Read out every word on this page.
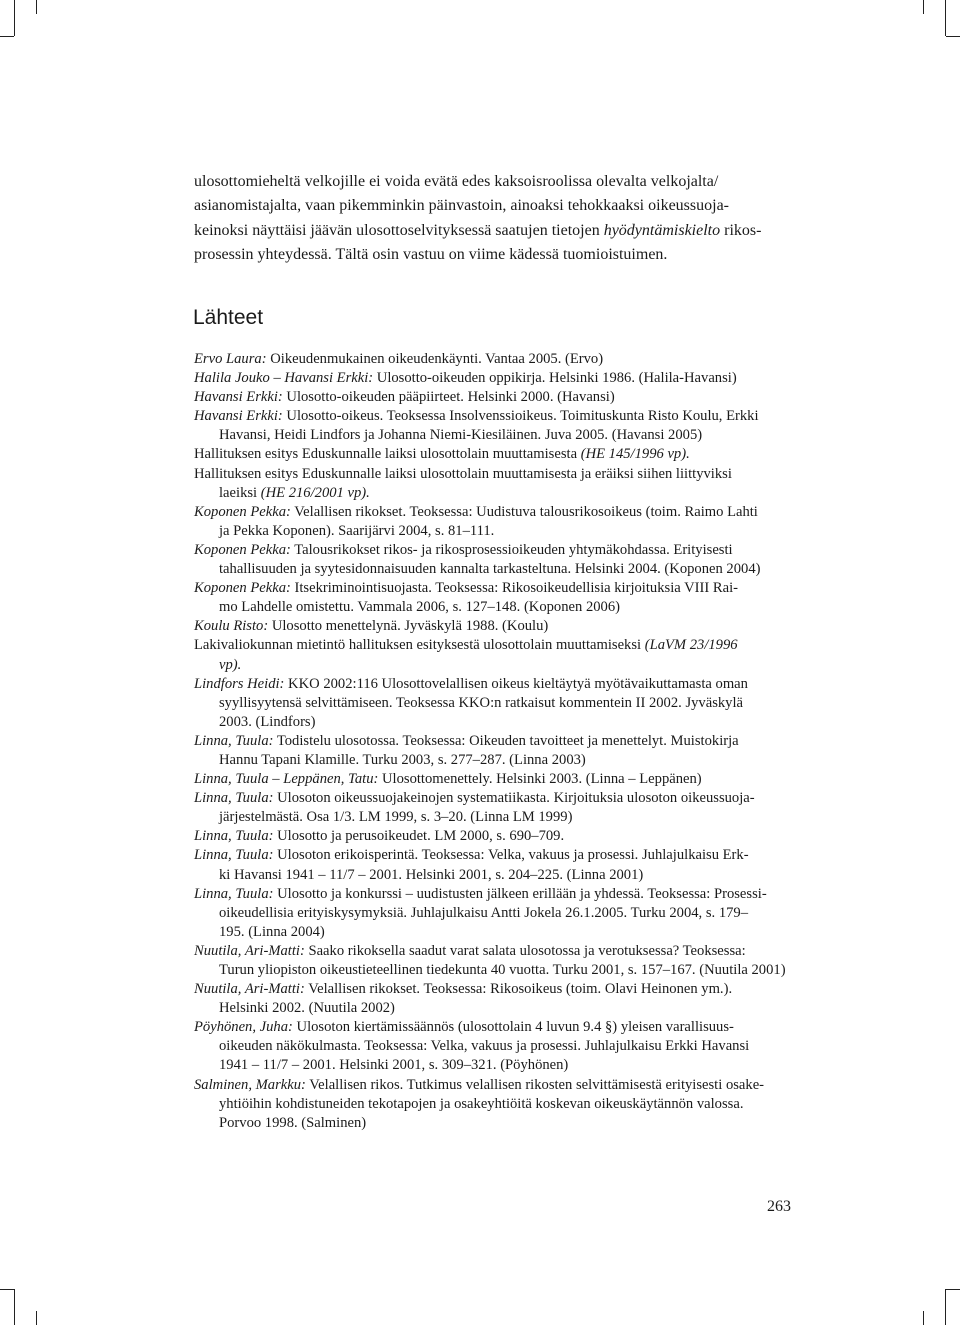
ulosottomieheltä velkojille ei voida evätä edes kaksoisroolissa olevalta velkojalta/
asianomistajalta, vaan pikemminkin päinvastoin, ainoaksi tehokkaaksi oikeussuoja-
keinoksi näyttäisi jäävän ulosottoselvityksessä saatujen tietojen hyödyntämiskielto rikos-
prosessin yhteydessä. Tältä osin vastuu on viime kädessä tuomioistuimen.

Lähteet
Ervo Laura: Oikeudenmukainen oikeudenkäynti. Vantaa 2005. (Ervo)
Halila Jouko – Havansi Erkki: Ulosotto-oikeuden oppikirja. Helsinki 1986. (Halila-Havansi)
Havansi Erkki: Ulosotto-oikeuden pääpiirteet. Helsinki 2000. (Havansi)
Havansi Erkki: Ulosotto-oikeus. Teoksessa Insolvenssioikeus. Toimituskunta Risto Koulu, Erkki
Havansi, Heidi Lindfors ja Johanna Niemi-Kiesiläinen. Juva 2005. (Havansi 2005)
Hallituksen esitys Eduskunnalle laiksi ulosottolain muuttamisesta (HE 145/1996 vp).
Hallituksen esitys Eduskunnalle laiksi ulosottolain muuttamisesta ja eräiksi siihen liittyviksi
laeiksi (HE 216/2001 vp).
Koponen Pekka: Velallisen rikokset. Teoksessa: Uudistuva talousrikosoikeus (toim. Raimo Lahti
ja Pekka Koponen). Saarijärvi 2004, s. 81–111.
Koponen Pekka: Talousrikokset rikos- ja rikosprosessioikeuden yhtymäkohdassa. Erityisesti
tahallisuuden ja syytesidonnaisuuden kannalta tarkasteltuna. Helsinki 2004. (Koponen 2004)
Koponen Pekka: Itsekriminointisuojasta. Teoksessa: Rikosoikeudellisia kirjoituksia VIII Rai-
mo Lahdelle omistettu. Vammala 2006, s. 127–148. (Koponen 2006)
Koulu Risto: Ulosotto menettelynä. Jyväskylä 1988. (Koulu)
Lakivaliokunnan mietintö hallituksen esityksestä ulosottolain muuttamiseksi (LaVM 23/1996
vp).
Lindfors Heidi: KKO 2002:116 Ulosottovelallisen oikeus kieltäytyä myötävaikuttamasta oman
syyllisyytensä selvittämiseen. Teoksessa KKO:n ratkaisut kommentein II 2002. Jyväskylä
2003. (Lindfors)
Linna, Tuula: Todistelu ulosotossa. Teoksessa: Oikeuden tavoitteet ja menettelyt. Muistokirja
Hannu Tapani Klamille. Turku 2003, s. 277–287. (Linna 2003)
Linna, Tuula – Leppänen, Tatu: Ulosottomenettely. Helsinki 2003. (Linna – Leppänen)
Linna, Tuula: Ulosoton oikeussuojakeinojen systematiikasta. Kirjoituksia ulosoton oikeussuoja-
järjestelmästä. Osa 1/3. LM 1999, s. 3–20. (Linna LM 1999)
Linna, Tuula: Ulosotto ja perusoikeudet. LM 2000, s. 690–709.
Linna, Tuula: Ulosoton erikoisperintä. Teoksessa: Velka, vakuus ja prosessi. Juhlajulkaisu Erk-
ki Havansi 1941 – 11/7 – 2001. Helsinki 2001, s. 204–225. (Linna 2001)
Linna, Tuula: Ulosotto ja konkurssi – uudistusten jälkeen erillään ja yhdessä. Teoksessa: Prosessi-
oikeudellisia erityiskysymyksiä. Juhlajulkaisu Antti Jokela 26.1.2005. Turku 2004, s. 179–
195. (Linna 2004)
Nuutila, Ari-Matti: Saako rikoksella saadut varat salata ulosotossa ja verotuksessa? Teoksessa:
Turun yliopiston oikeustieteellinen tiedekunta 40 vuotta. Turku 2001, s. 157–167. (Nuutila 2001)
Nuutila, Ari-Matti: Velallisen rikokset. Teoksessa: Rikosoikeus (toim. Olavi Heinonen ym.).
Helsinki 2002. (Nuutila 2002)
Pöyhönen, Juha: Ulosoton kiertämissäännös (ulosottolain 4 luvun 9.4 §) yleisen varallisuus-
oikeuden näkökulmasta. Teoksessa: Velka, vakuus ja prosessi. Juhlajulkaisu Erkki Havansi
1941 – 11/7 – 2001. Helsinki 2001, s. 309–321. (Pöyhönen)
Salminen, Markku: Velallisen rikos. Tutkimus velallisen rikosten selvittämisestä erityisesti osake-
yhtiöihin kohdistuneiden tekotapojen ja osakeyhtiöitä koskevan oikeuskäytännön valossa.
Porvoo 1998. (Salminen)
263
